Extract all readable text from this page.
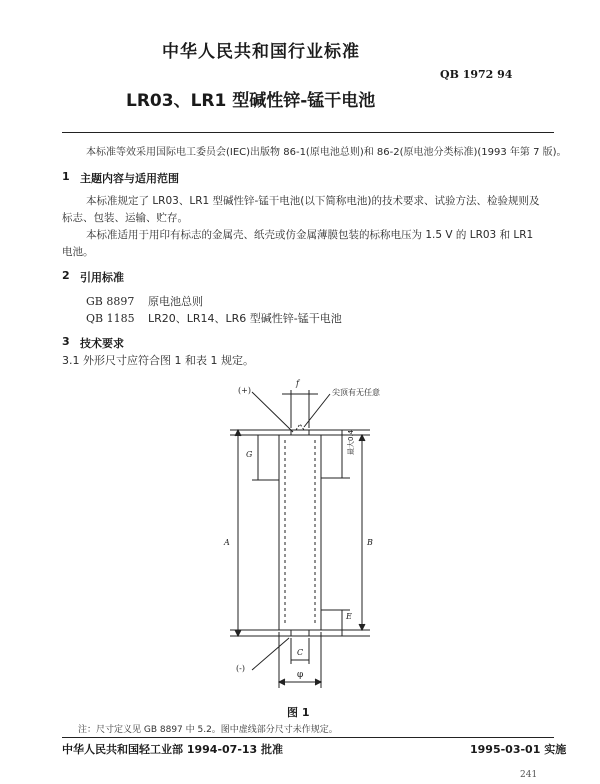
中华人民共和国行业标准
QB 1972 94
LR03、LR1 型碱性锌-锰干电池
本标准等效采用国际电工委员会(IEC)出版物 86-1(原电池总则)和 86-2(原电池分类标准)(1993 年第 7 版)。
1 主题内容与适用范围
本标准规定了 LR03、LR1 型碱性锌-锰干电池(以下简称电池)的技术要求、试验方法、检验规则及
标志、包装、运输、贮存。
本标准适用于用印有标志的金属壳、纸壳或仿金属薄膜包装的标称电压为 1.5 V 的 LR03 和 LR1
电池。
2 引用标准
GB 8897 原电池总则
QB 1185 LR20、LR14、LR6 型碱性锌-锰干电池
3 技术要求
3.1 外形尺寸应符合图 1 和表 1 规定。
(+)	尖顶有无任意
f
G
A	B
最大0.4
E
C
(-)
φ
图 1
注：尺寸定义见 GB 8897 中 5.2。图中虚线部分尺寸未作规定。
中华人民共和国轻工业部 1994-07-13 批准	1995-03-01 实施
241
